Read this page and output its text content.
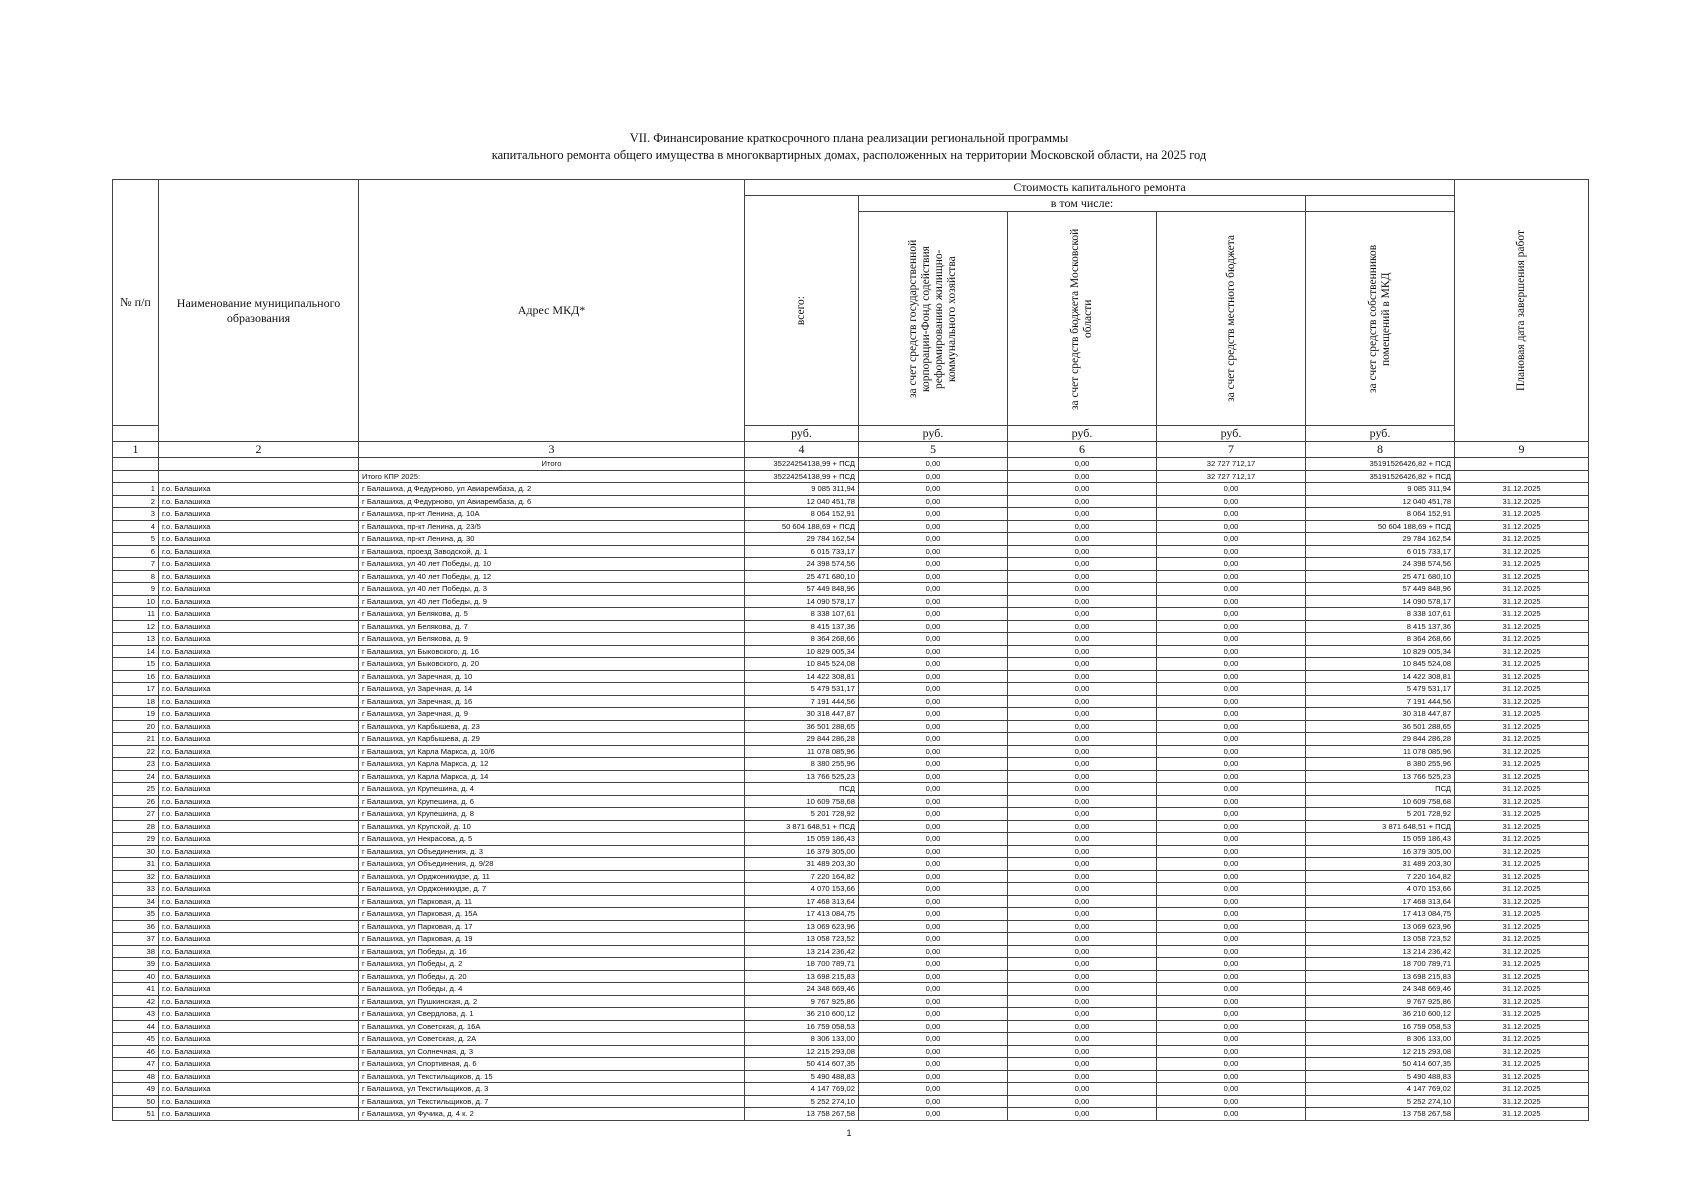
VII. Финансирование краткосрочного плана реализации региональной программы
капитального ремонта общего имущества в многоквартирных домах, расположенных на территории Московской области, на 2025 год
№ п/п	Наименование муниципального образования	Адрес МКД*	Стоимость капитального ремонта					Плановая дата завершения работ

			всего:	в том числе:				

				за счет средств государственной корпорации-Фонд содействия реформированию жилищно-коммунального хозяйства	за счет средств бюджета Московской области	за счет средств местного бюджета	за счет средств собственников помещений в МКД	

			руб.	руб.	руб.	руб.	руб.	
1	2	3	4	5	6	7	8	9
		Итого	35224254138,99 + ПСД	0,00	0,00	32 727 712,17	35191526426,82 + ПСД	
		Итого КПР 2025:	35224254138,99 + ПСД	0,00	0,00	32 727 712,17	35191526426,82 + ПСД	
1	г.о. Балашиха	г Балашиха, д Федурново, ул Авиарембаза, д. 2	9 085 311,94	0,00	0,00	0,00	9 085 311,94	31.12.2025
2	г.о. Балашиха	г Балашиха, д Федурново, ул Авиарембаза, д. 6	12 040 451,78	0,00	0,00	0,00	12 040 451,78	31.12.2025
3	г.о. Балашиха	г Балашиха, пр-кт Ленина, д. 10А	8 064 152,91	0,00	0,00	0,00	8 064 152,91	31.12.2025
4	г.о. Балашиха	г Балашиха, пр-кт Ленина, д. 23/5	50 604 188,69 + ПСД	0,00	0,00	0,00	50 604 188,69 + ПСД	31.12.2025
5	г.о. Балашиха	г Балашиха, пр-кт Ленина, д. 30	29 784 162,54	0,00	0,00	0,00	29 784 162,54	31.12.2025
6	г.о. Балашиха	г Балашиха, проезд Заводской, д. 1	6 015 733,17	0,00	0,00	0,00	6 015 733,17	31.12.2025
7	г.о. Балашиха	г Балашиха, ул 40 лет Победы, д. 10	24 398 574,56	0,00	0,00	0,00	24 398 574,56	31.12.2025
8	г.о. Балашиха	г Балашиха, ул 40 лет Победы, д. 12	25 471 680,10	0,00	0,00	0,00	25 471 680,10	31.12.2025
9	г.о. Балашиха	г Балашиха, ул 40 лет Победы, д. 3	57 449 848,96	0,00	0,00	0,00	57 449 848,96	31.12.2025
10	г.о. Балашиха	г Балашиха, ул 40 лет Победы, д. 9	14 090 578,17	0,00	0,00	0,00	14 090 578,17	31.12.2025
11	г.о. Балашиха	г Балашиха, ул Белякова, д. 5	8 338 107,61	0,00	0,00	0,00	8 338 107,61	31.12.2025
12	г.о. Балашиха	г Балашиха, ул Белякова, д. 7	8 415 137,36	0,00	0,00	0,00	8 415 137,36	31.12.2025
13	г.о. Балашиха	г Балашиха, ул Белякова, д. 9	8 364 268,66	0,00	0,00	0,00	8 364 268,66	31.12.2025
14	г.о. Балашиха	г Балашиха, ул Быковского, д. 16	10 829 005,34	0,00	0,00	0,00	10 829 005,34	31.12.2025
15	г.о. Балашиха	г Балашиха, ул Быковского, д. 20	10 845 524,08	0,00	0,00	0,00	10 845 524,08	31.12.2025
16	г.о. Балашиха	г Балашиха, ул Заречная, д. 10	14 422 308,81	0,00	0,00	0,00	14 422 308,81	31.12.2025
17	г.о. Балашиха	г Балашиха, ул Заречная, д. 14	5 479 531,17	0,00	0,00	0,00	5 479 531,17	31.12.2025
18	г.о. Балашиха	г Балашиха, ул Заречная, д. 16	7 191 444,56	0,00	0,00	0,00	7 191 444,56	31.12.2025
19	г.о. Балашиха	г Балашиха, ул Заречная, д. 9	30 318 447,87	0,00	0,00	0,00	30 318 447,87	31.12.2025
20	г.о. Балашиха	г Балашиха, ул Карбышева, д. 23	36 501 288,65	0,00	0,00	0,00	36 501 288,65	31.12.2025
21	г.о. Балашиха	г Балашиха, ул Карбышева, д. 29	29 844 286,28	0,00	0,00	0,00	29 844 286,28	31.12.2025
22	г.о. Балашиха	г Балашиха, ул Карла Маркса, д. 10/6	11 078 085,96	0,00	0,00	0,00	11 078 085,96	31.12.2025
23	г.о. Балашиха	г Балашиха, ул Карла Маркса, д. 12	8 380 255,96	0,00	0,00	0,00	8 380 255,96	31.12.2025
24	г.о. Балашиха	г Балашиха, ул Карла Маркса, д. 14	13 766 525,23	0,00	0,00	0,00	13 766 525,23	31.12.2025
25	г.о. Балашиха	г Балашиха, ул Крупешина, д. 4	ПСД	0,00	0,00	0,00	ПСД	31.12.2025
26	г.о. Балашиха	г Балашиха, ул Крупешина, д. 6	10 609 758,68	0,00	0,00	0,00	10 609 758,68	31.12.2025
27	г.о. Балашиха	г Балашиха, ул Крупешина, д. 8	5 201 728,92	0,00	0,00	0,00	5 201 728,92	31.12.2025
28	г.о. Балашиха	г Балашиха, ул Крупской, д. 10	3 871 648,51 + ПСД	0,00	0,00	0,00	3 871 648,51 + ПСД	31.12.2025
29	г.о. Балашиха	г Балашиха, ул Некрасова, д. 5	15 059 186,43	0,00	0,00	0,00	15 059 186,43	31.12.2025
30	г.о. Балашиха	г Балашиха, ул Объединения, д. 3	16 379 305,00	0,00	0,00	0,00	16 379 305,00	31.12.2025
31	г.о. Балашиха	г Балашиха, ул Объединения, д. 9/28	31 489 203,30	0,00	0,00	0,00	31 489 203,30	31.12.2025
32	г.о. Балашиха	г Балашиха, ул Орджоникидзе, д. 11	7 220 164,82	0,00	0,00	0,00	7 220 164,82	31.12.2025
33	г.о. Балашиха	г Балашиха, ул Орджоникидзе, д. 7	4 070 153,66	0,00	0,00	0,00	4 070 153,66	31.12.2025
34	г.о. Балашиха	г Балашиха, ул Парковая, д. 11	17 468 313,64	0,00	0,00	0,00	17 468 313,64	31.12.2025
35	г.о. Балашиха	г Балашиха, ул Парковая, д. 15А	17 413 084,75	0,00	0,00	0,00	17 413 084,75	31.12.2025
36	г.о. Балашиха	г Балашиха, ул Парковая, д. 17	13 069 623,96	0,00	0,00	0,00	13 069 623,96	31.12.2025
37	г.о. Балашиха	г Балашиха, ул Парковая, д. 19	13 058 723,52	0,00	0,00	0,00	13 058 723,52	31.12.2025
38	г.о. Балашиха	г Балашиха, ул Победы, д. 16	13 214 236,42	0,00	0,00	0,00	13 214 236,42	31.12.2025
39	г.о. Балашиха	г Балашиха, ул Победы, д. 2	18 700 789,71	0,00	0,00	0,00	18 700 789,71	31.12.2025
40	г.о. Балашиха	г Балашиха, ул Победы, д. 20	13 698 215,83	0,00	0,00	0,00	13 698 215,83	31.12.2025
41	г.о. Балашиха	г Балашиха, ул Победы, д. 4	24 348 669,46	0,00	0,00	0,00	24 348 669,46	31.12.2025
42	г.о. Балашиха	г Балашиха, ул Пушкинская, д. 2	9 767 925,86	0,00	0,00	0,00	9 767 925,86	31.12.2025
43	г.о. Балашиха	г Балашиха, ул Свердлова, д. 1	36 210 600,12	0,00	0,00	0,00	36 210 600,12	31.12.2025
44	г.о. Балашиха	г Балашиха, ул Советская, д. 16А	16 759 058,53	0,00	0,00	0,00	16 759 058,53	31.12.2025
45	г.о. Балашиха	г Балашиха, ул Советская, д. 2А	8 306 133,00	0,00	0,00	0,00	8 306 133,00	31.12.2025
46	г.о. Балашиха	г Балашиха, ул Солнечная, д. 3	12 215 293,08	0,00	0,00	0,00	12 215 293,08	31.12.2025
47	г.о. Балашиха	г Балашиха, ул Спортивная, д. 6	50 414 607,35	0,00	0,00	0,00	50 414 607,35	31.12.2025
48	г.о. Балашиха	г Балашиха, ул Текстильщиков, д. 15	5 490 488,83	0,00	0,00	0,00	5 490 488,83	31.12.2025
49	г.о. Балашиха	г Балашиха, ул Текстильщиков, д. 3	4 147 769,02	0,00	0,00	0,00	4 147 769,02	31.12.2025
50	г.о. Балашиха	г Балашиха, ул Текстильщиков, д. 7	5 252 274,10	0,00	0,00	0,00	5 252 274,10	31.12.2025
51	г.о. Балашиха	г Балашиха, ул Фучика, д. 4 к. 2	13 758 267,58	0,00	0,00	0,00	13 758 267,58	31.12.2025
1
